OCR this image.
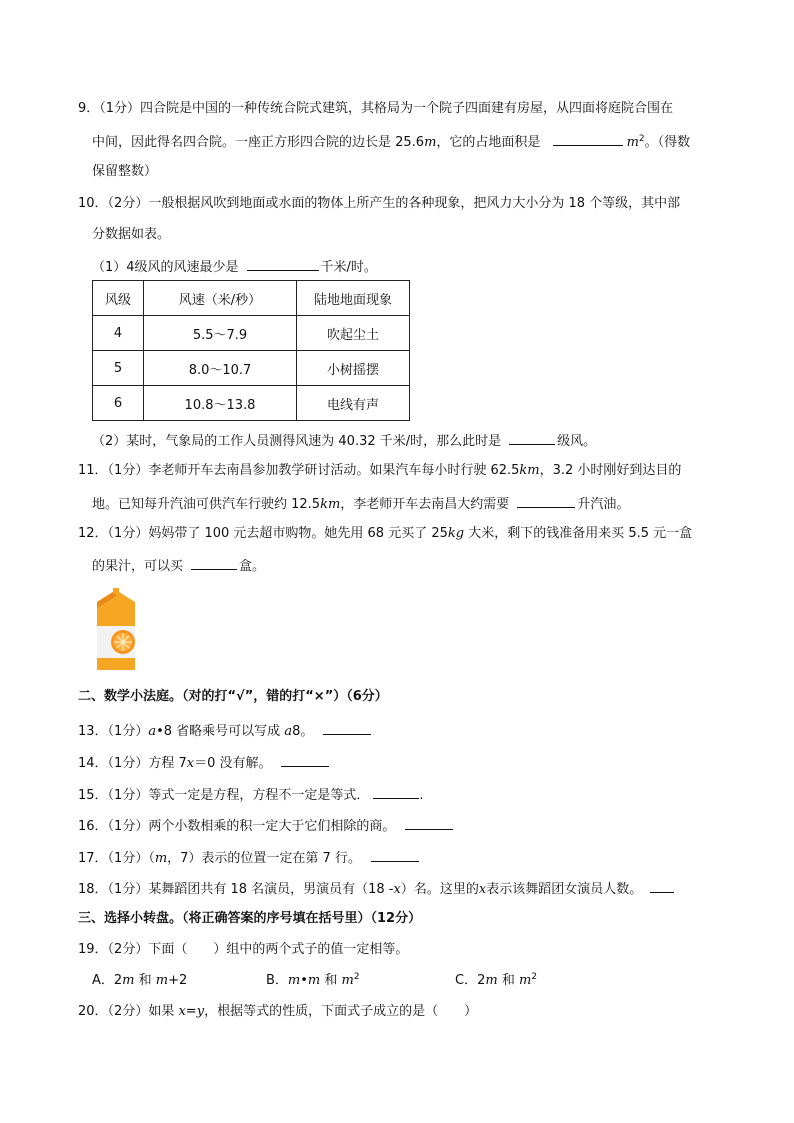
9．（1分）四合院是中国的一种传统合院式建筑，其格局为一个院子四面建有房屋，从四面将庭院合围在
中间，因此得名四合院。一座正方形四合院的边长是 25.6m，它的占地面积是	$m^2$。（得数
保留整数）
10．（2分）一般根据风吹到地面或水面的物体上所产生的各种现象，把风力大小分为 18 个等级，其中部
分数据如表。
（1）4级风的风速最少是	千米/时。
风级	风速（米/秒）	陆地地面现象
4	5.5～7.9	吹起尘土
5	8.0～10.7	小树摇摆
6	10.8～13.8	电线有声
（2）某时，气象局的工作人员测得风速为 40.32 千米/时，那么此时是	级风。
11．（1分）李老师开车去南昌参加教学研讨活动。如果汽车每小时行驶 62.5km，3.2 小时刚好到达目的
地。已知每升汽油可供汽车行驶约 12.5km，李老师开车去南昌大约需要	升汽油。
12．（1分）妈妈带了 100 元去超市购物。她先用 68 元买了 25kg 大米，剩下的钱准备用来买 5.5 元一盒
的果汁，可以买	盒。
二、数学小法庭。（对的打“√”，错的打“×”）（6分）
13．（1分）a•8 省略乘号可以写成 a8。
14．（1分）方程 7x＝0 没有解。
15．（1分）等式一定是方程，方程不一定是等式．	.
16．（1分）两个小数相乘的积一定大于它们相除的商。
17．（1分）（m，7）表示的位置一定在第 7 行。
18．（1分）某舞蹈团共有 18 名演员，男演员有（18 -x）名。这里的x表示该舞蹈团女演员人数。
三、选择小转盘。（将正确答案的序号填在括号里）（12分）
19．（2分）下面（　　）组中的两个式子的值一定相等。
A．2m 和 m+2	B．m•m 和 $m^2$	C．2m 和 $m^2$
20．（2分）如果 x=y，根据等式的性质，下面式子成立的是（　　）
